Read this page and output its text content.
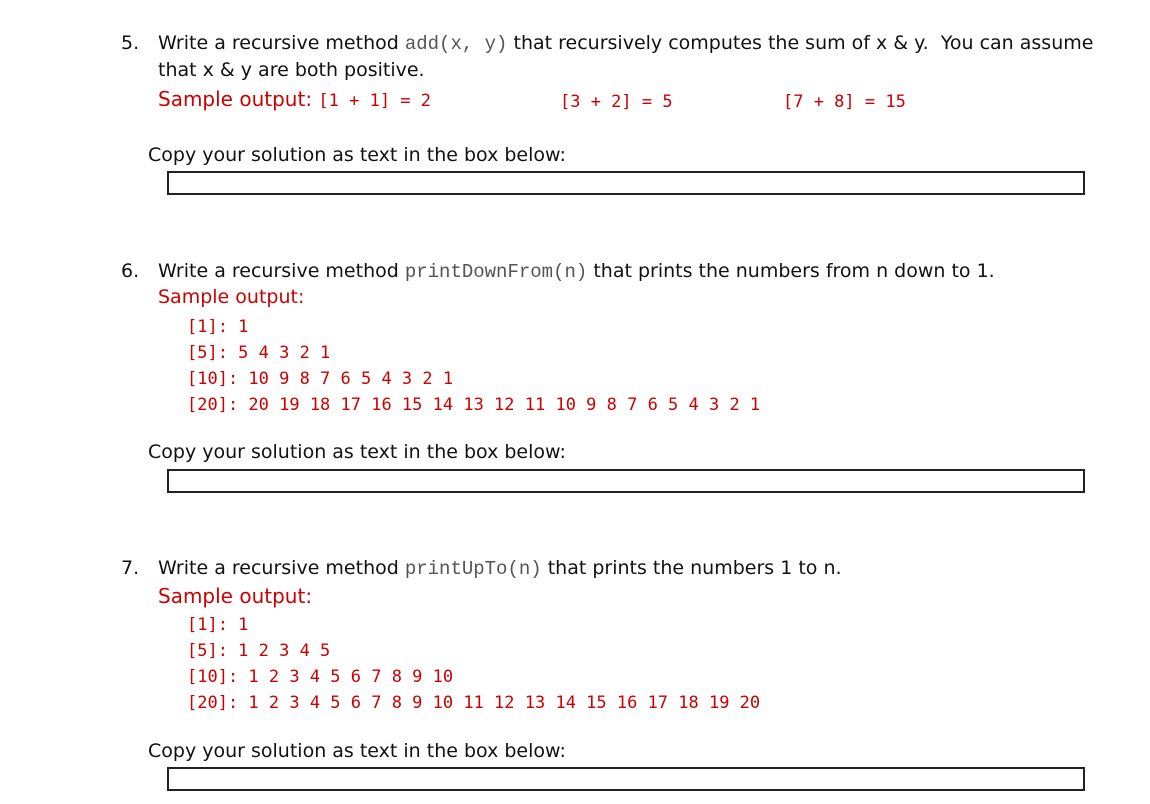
5. Write a recursive method add(x, y) that recursively computes the sum of x & y.  You can assume
that x & y are both positive.
Sample output: [1 + 1] = 2	[3 + 2] = 5	[7 + 8] = 15
Copy your solution as text in the box below:
6. Write a recursive method printDownFrom(n) that prints the numbers from n down to 1.
Sample output:
[1]: 1
[5]: 5 4 3 2 1
[10]: 10 9 8 7 6 5 4 3 2 1
[20]: 20 19 18 17 16 15 14 13 12 11 10 9 8 7 6 5 4 3 2 1
Copy your solution as text in the box below:
7. Write a recursive method printUpTo(n) that prints the numbers 1 to n.
Sample output:
[1]: 1
[5]: 1 2 3 4 5
[10]: 1 2 3 4 5 6 7 8 9 10
[20]: 1 2 3 4 5 6 7 8 9 10 11 12 13 14 15 16 17 18 19 20
Copy your solution as text in the box below:
